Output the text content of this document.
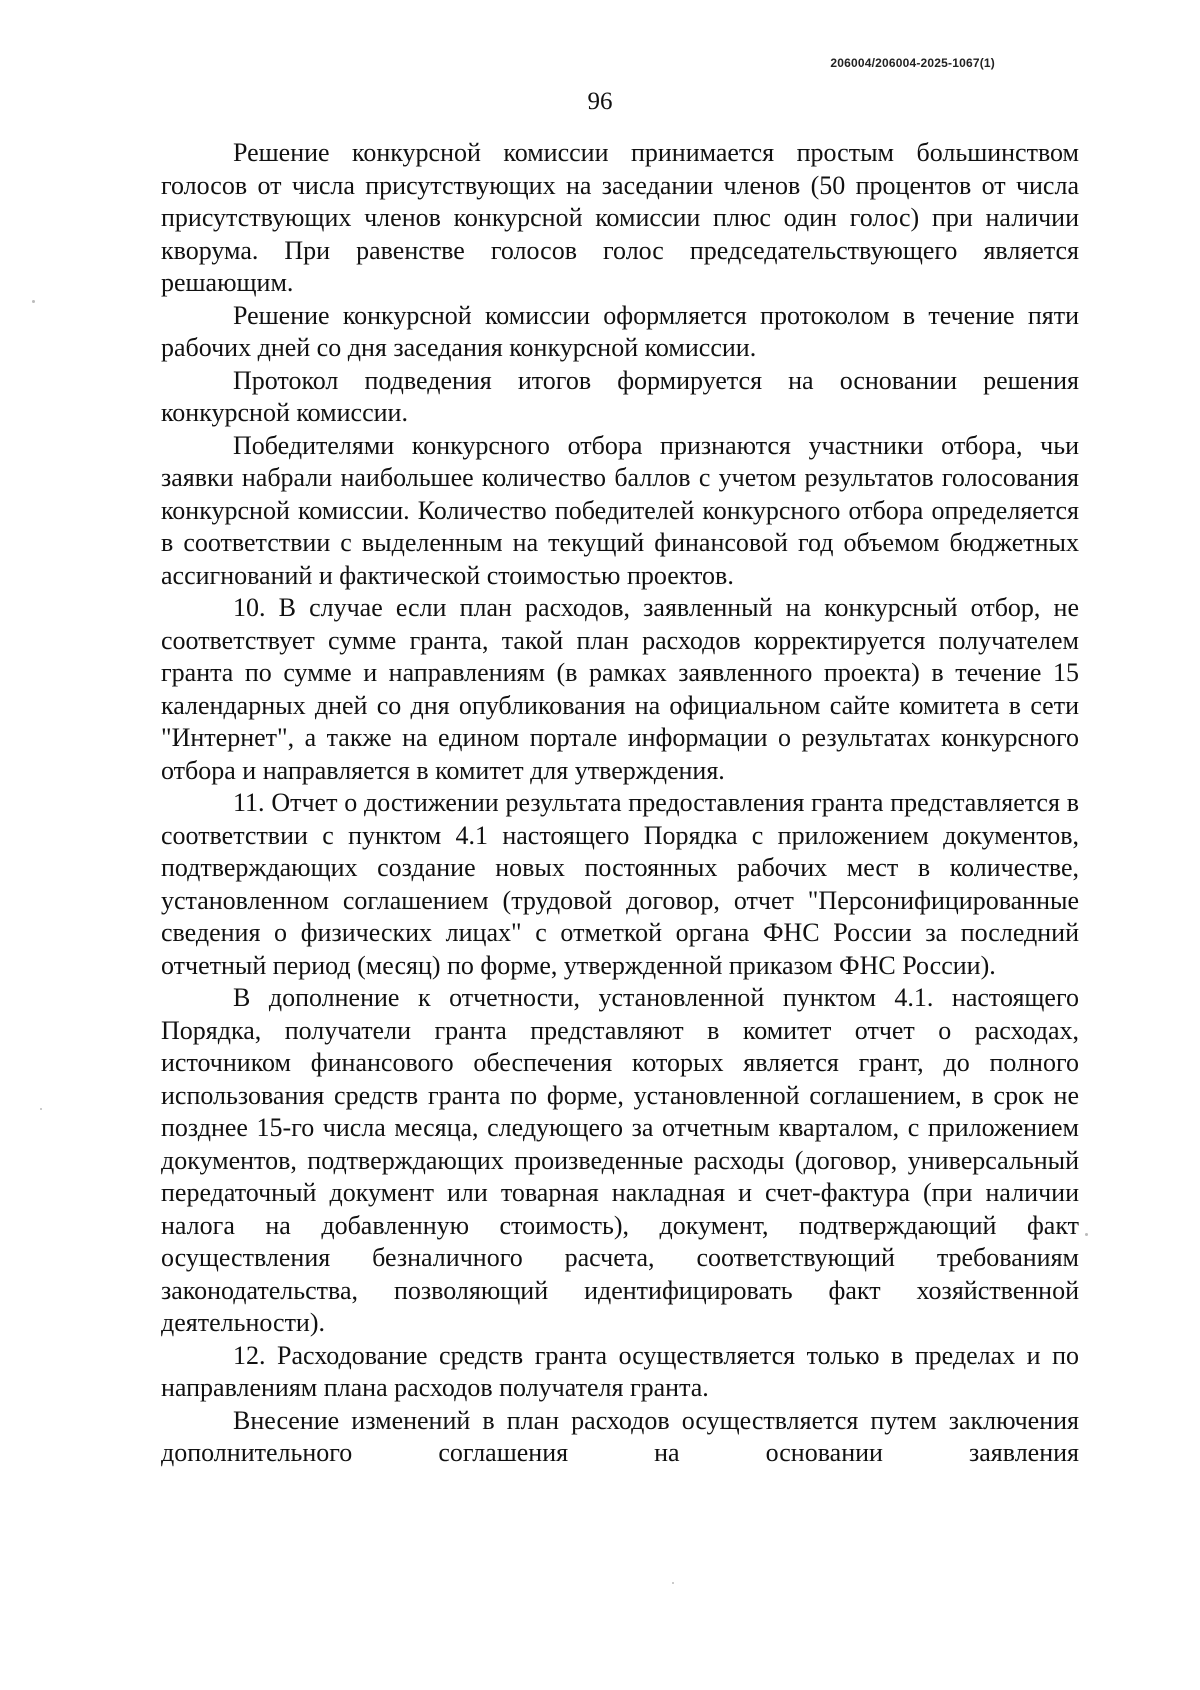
206004/206004-2025-1067(1)
96

Решение конкурсной комиссии принимается простым большинством голосов от числа присутствующих на заседании членов (50 процентов от числа присутствующих членов конкурсной комиссии плюс один голос) при наличии кворума. При равенстве голосов голос председательствующего является решающим.

Решение конкурсной комиссии оформляется протоколом в течение пяти рабочих дней со дня заседания конкурсной комиссии.

Протокол подведения итогов формируется на основании решения конкурсной комиссии.

Победителями конкурсного отбора признаются участники отбора, чьи заявки набрали наибольшее количество баллов с учетом результатов голосования конкурсной комиссии. Количество победителей конкурсного отбора определяется в соответствии с выделенным на текущий финансовой год объемом бюджетных ассигнований и фактической стоимостью проектов.

10. В случае если план расходов, заявленный на конкурсный отбор, не соответствует сумме гранта, такой план расходов корректируется получателем гранта по сумме и направлениям (в рамках заявленного проекта) в течение 15 календарных дней со дня опубликования на официальном сайте комитета в сети "Интернет", а также на едином портале информации о результатах конкурсного отбора и направляется в комитет для утверждения.

11. Отчет о достижении результата предоставления гранта представляется в соответствии с пунктом 4.1 настоящего Порядка с приложением документов, подтверждающих создание новых постоянных рабочих мест в количестве, установленном соглашением (трудовой договор, отчет "Персонифицированные сведения о физических лицах" с отметкой органа ФНС России за последний отчетный период (месяц) по форме, утвержденной приказом ФНС России).

В дополнение к отчетности, установленной пунктом 4.1. настоящего Порядка, получатели гранта представляют в комитет отчет о расходах, источником финансового обеспечения которых является грант, до полного использования средств гранта по форме, установленной соглашением, в срок не позднее 15-го числа месяца, следующего за отчетным кварталом, с приложением документов, подтверждающих произведенные расходы (договор, универсальный передаточный документ или товарная накладная и счет-фактура (при наличии налога на добавленную стоимость), документ, подтверждающий факт осуществления безналичного расчета, соответствующий требованиям законодательства, позволяющий идентифицировать факт хозяйственной деятельности).

12. Расходование средств гранта осуществляется только в пределах и по направлениям плана расходов получателя гранта.

Внесение изменений в план расходов осуществляется путем заключения дополнительного соглашения на основании заявления
